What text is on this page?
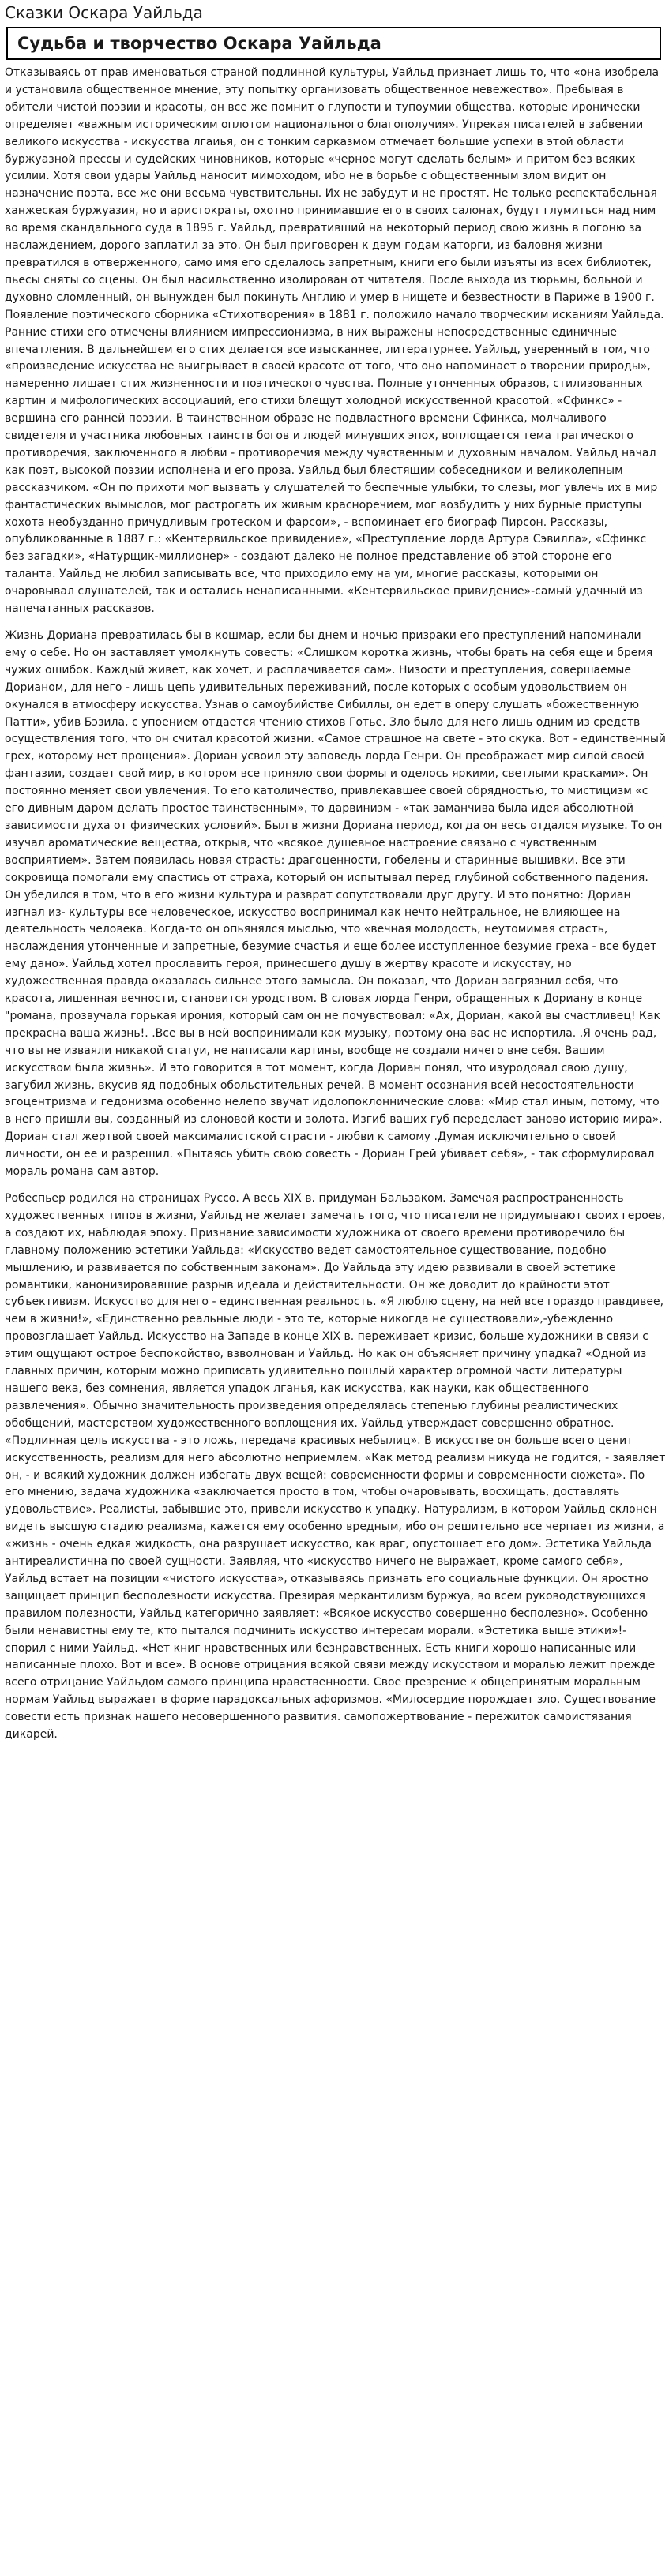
Сказки Оскара Уайльда
Судьба и творчество Оскара Уайльда

Отказываясь от прав именоваться страной подлинной культуры, Уайльд признает лишь то, что «она изобрела и установила общественное мнение, эту попытку организовать общественное невежество». Пребывая в обители чистой поэзии и красоты, он все же помнит о глупости и тупоумии общества, которые иронически определяет «важным историческим оплотом национального благополучия». Упрекая писателей в забвении великого искусства - искусства лгаиья, он с тонким сарказмом отмечает большие успехи в этой области буржуазной прессы и судейских чиновников, которые «черное могут сделать белым» и притом без всяких усилии. Хотя свои удары Уайльд наносит мимоходом, ибо не в борьбе с общественным злом видит он назначение поэта, все же они весьма чувствительны. Их не забудут и не простят. Не только респектабельная ханжеская буржуазия, но и аристократы, охотно принимавшие его в своих салонах, будут глумиться над ним во время скандального суда в 1895 г. Уайльд, превративший на некоторый период свою жизнь в погоню за наслаждением, дорого заплатил за это. Он был приговорен к двум годам каторги, из баловня жизни превратился в отверженного, само имя его сделалось запретным, книги его были изъяты из всех библиотек, пьесы сняты со сцены. Он был насильственно изолирован от читателя. После выхода из тюрьмы, больной и духовно сломленный, он вынужден был покинуть Англию и умер в нищете и безвестности в Париже в 1900 г. Появление поэтического сборника «Стихотворения» в 1881 г. положило начало творческим исканиям Уайльда. Ранние стихи его отмечены влиянием импрессионизма, в них выражены непосредственные единичные впечатления. В дальнейшем его стих делается все изысканнее, литературнее. Уайльд, уверенный в том, что «произведение искусства не выигрывает в своей красоте от того, что оно напоминает о творении природы», намеренно лишает стих жизненности и поэтического чувства. Полные утонченных образов, стилизованных картин и мифологических ассоциаций, его стихи блещут холодной искусственной красотой. «Сфинкс» - вершина его ранней поэзии. В таинственном образе не подвластного времени Сфинкса, молчаливого свидетеля и участника любовных таинств богов и людей минувших эпох, воплощается тема трагического противоречия, заключенного в любви - противоречия между чувственным и духовным началом. Уайльд начал как поэт, высокой поэзии исполнена и его проза. Уайльд был блестящим собеседником и великолепным рассказчиком. «Он по прихоти мог вызвать у слушателей то беспечные улыбки, то слезы, мог увлечь их в мир фантастических вымыслов, мог растрогать их живым красноречием, мог возбудить у них бурные приступы хохота необузданно причудливым гротеском и фарсом», - вспоминает его биограф Пирсон. Рассказы, опубликованные в 1887 г.: «Кентервильское привидение», «Преступление лорда Артура Сэвилла», «Сфинкс без загадки», «Натурщик-миллионер» - создают далеко не полное представление об этой стороне его таланта. Уайльд не любил записывать все, что приходило ему на ум, многие рассказы, которыми он очаровывал слушателей, так и остались ненаписанными. «Кентервильское привидение»-самый удачный из напечатанных рассказов.

Жизнь Дориана превратилась бы в кошмар, если бы днем и ночью призраки его преступлений напоминали ему о себе. Но он заставляет умолкнуть совесть: «Слишком коротка жизнь, чтобы брать на себя еще и бремя чужих ошибок. Каждый живет, как хочет, и расплачивается сам». Низости и преступления, совершаемые Дорианом, для него - лишь цепь удивительных переживаний, после которых с особым удовольствием он окунался в атмосферу искусства. Узнав о самоубийстве Сибиллы, он едет в оперу слушать «божественную Патти», убив Бэзила, с упоением отдается чтению стихов Готье. Зло было для него лишь одним из средств осуществления того, что он считал красотой жизни. «Самое страшное на свете - это скука. Вот - единственный грех, которому нет прощения». Дориан усвоил эту заповедь лорда Генри. Он преображает мир силой своей фантазии, создает свой мир, в котором все приняло свои формы и оделось яркими, светлыми красками». Он постоянно меняет свои увлечения. То его католичество, привлекавшее своей обрядностью, то мистицизм «с его дивным даром делать простое таинственным», то дарвинизм - «так заманчива была идея абсолютной зависимости духа от физических условий». Был в жизни Дориана период, когда он весь отдался музыке. То он изучал ароматические вещества, открыв, что «всякое душевное настроение связано с чувственным восприятием». Затем появилась новая страсть: драгоценности, гобелены и старинные вышивки. Все эти сокровища помогали ему спастись от страха, который он испытывал перед глубиной собственного падения. Он убедился в том, что в его жизни культура и разврат сопутствовали друг другу. И это понятно: Дориан изгнал из- культуры все человеческое, искусство воспринимал как нечто нейтральное, не влияющее на деятельность человека. Когда-то он опьянялся мыслью, что «вечная молодость, неутомимая страсть, наслаждения утонченные и запретные, безумие счастья и еще более исступленное безумие греха - все будет ему дано». Уайльд хотел прославить героя, принесшего душу в жертву красоте и искусству, но художественная правда оказалась сильнее этого замысла. Он показал, что Дориан загрязнил себя, что красота, лишенная вечности, становится уродством. В словах лорда Генри, обращенных к Дориану в конце "романа, прозвучала горькая ирония, который сам он не почувствовал: «Ах, Дориан, какой вы счастливец! Как прекрасна ваша жизнь!. .Все вы в ней воспринимали как музыку, поэтому она вас не испортила. .Я очень рад, что вы не изваяли никакой статуи, не написали картины, вообще не создали ничего вне себя. Вашим искусством была жизнь». И это говорится в тот момент, когда Дориан понял, что изуродовал свою душу, загубил жизнь, вкусив яд подобных обольстительных речей. В момент осознания всей несостоятельности эгоцентризма и гедонизма особенно нелепо звучат идолопоклоннические слова: «Мир стал иным, потому, что в него пришли вы, созданный из слоновой кости и золота. Изгиб ваших губ переделает заново историю мира». Дориан стал жертвой своей максималистской страсти - любви к самому .Думая исключительно о своей личности, он ее и разрешил. «Пытаясь убить свою совесть - Дориан Грей убивает себя», - так сформулировал мораль романа сам автор.

Робеспьер родился на страницах Руссо. А весь XIX в. придуман Бальзаком. Замечая распространенность художественных типов в жизни, Уайльд не желает замечать того, что писатели не придумывают своих героев, а создают их, наблюдая эпоху. Признание зависимости художника от своего времени противоречило бы главному положению эстетики Уайльда: «Искусство ведет самостоятельное существование, подобно мышлению, и развивается по собственным законам». До Уайльда эту идею развивали в своей эстетике романтики, канонизировавшие разрыв идеала и действительности. Он же доводит до крайности этот субъективизм. Искусство для него - единственная реальность. «Я люблю сцену, на ней все гораздо правдивее, чем в жизни!», «Единственно реальные люди - это те, которые никогда не существовали»,-убежденно провозглашает Уайльд. Искусство на Западе в конце XIX в. переживает кризис, больше художники в связи с этим ощущают острое беспокойство, взволнован и Уайльд. Но как он объясняет причину упадка? «Одной из главных причин, которым можно приписать удивительно пошлый характер огромной части литературы нашего века, без сомнения, является упадок лганья, как искусства, как науки, как общественного развлечения». Обычно значительность произведения определялась степенью глубины реалистических обобщений, мастерством художественного воплощения их. Уайльд утверждает совершенно обратное. «Подлинная цель искусства - это ложь, передача красивых небылиц». В искусстве он больше всего ценит искусственность, реализм для него абсолютно неприемлем. «Как метод реализм никуда не годится, - заявляет он, - и всякий художник должен избегать двух вещей: современности формы и современности сюжета». По его мнению, задача художника «заключается просто в том, чтобы очаровывать, восхищать, доставлять удовольствие». Реалисты, забывшие это, привели искусство к упадку. Натурализм, в котором Уайльд склонен видеть высшую стадию реализма, кажется ему особенно вредным, ибо он решительно все черпает из жизни, а «жизнь - очень едкая жидкость, она разрушает искусство, как враг, опустошает его дом». Эстетика Уайльда антиреалистична по своей сущности. Заявляя, что «искусство ничего не выражает, кроме самого себя», Уайльд встает на позиции «чистого искусства», отказываясь признать его социальные функции. Он яростно защищает принцип бесполезности искусства. Презирая меркантилизм буржуа, во всем руководствующихся правилом полезности, Уайльд категорично заявляет: «Всякое искусство совершенно бесполезно». Особенно были ненавистны ему те, кто пытался подчинить искусство интересам морали. «Эстетика выше этики»!-спорил с ними Уайльд. «Нет книг нравственных или безнравственных. Есть книги хорошо написанные или написанные плохо. Вот и все». В основе отрицания всякой связи между искусством и моралью лежит прежде всего отрицание Уайльдом самого принципа нравственности. Свое презрение к общепринятым моральным нормам Уайльд выражает в форме парадоксальных афоризмов. «Милосердие порождает зло. Существование совести есть признак нашего несовершенного развития. самопожертвование - пережиток самоистязания дикарей.
